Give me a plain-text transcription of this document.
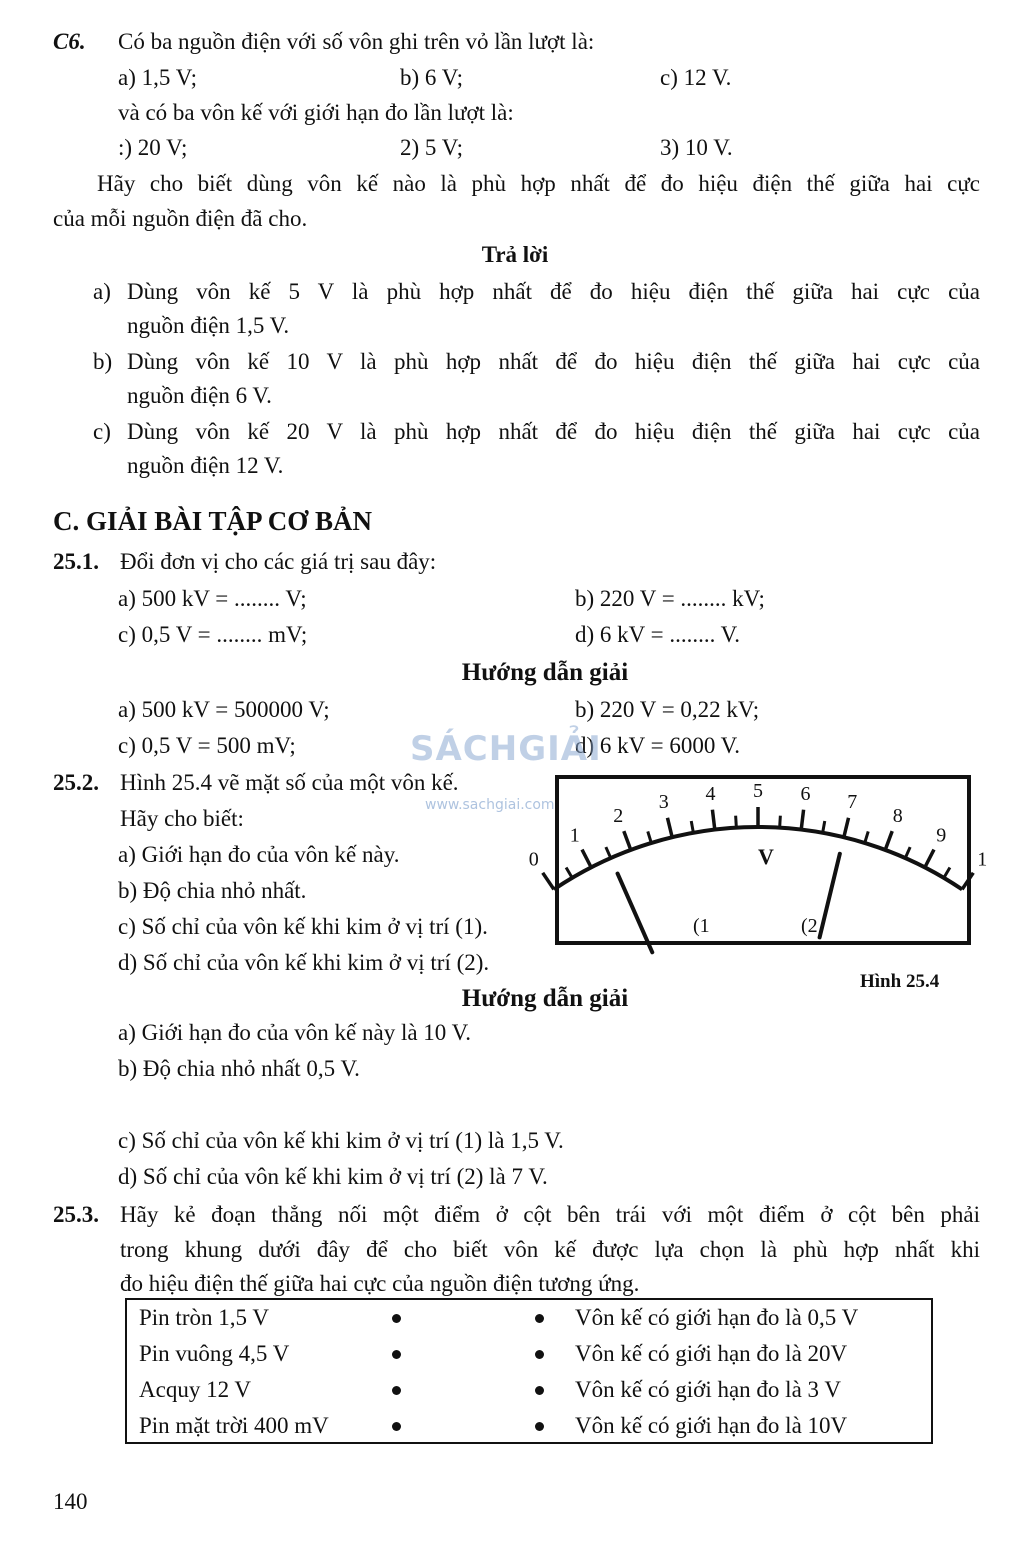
C6. Có ba nguồn điện với số vôn ghi trên vỏ lần lượt là:
a) 1,5 V;	b) 6 V;	c) 12 V.
và có ba vôn kế với giới hạn đo lần lượt là:
:) 20 V;	2) 5 V;	3) 10 V.
Hãy cho biết dùng vôn kế nào là phù hợp nhất để đo hiệu điện thế giữa hai cực
của mỗi nguồn điện đã cho.
Trả lời
a) Dùng vôn kế 5 V là phù hợp nhất để đo hiệu điện thế giữa hai cực của
nguồn điện 1,5 V.
b) Dùng vôn kế 10 V là phù hợp nhất để đo hiệu điện thế giữa hai cực của
nguồn điện 6 V.
c) Dùng vôn kế 20 V là phù hợp nhất để đo hiệu điện thế giữa hai cực của
nguồn điện 12 V.
C. GIẢI BÀI TẬP CƠ BẢN
25.1. Đổi đơn vị cho các giá trị sau đây:
a) 500 kV = ........ V;	b) 220 V = ........ kV;
c) 0,5 V = ........ mV;	d) 6 kV = ........ V.
Hướng dẫn giải
a) 500 kV = 500000 V;	b) 220 V = 0,22 kV;
c) 0,5 V = 500 mV;	d) 6 kV = 6000 V.
SÁCHGIẢI
www.sachgiai.com
25.2. Hình 25.4 vẽ mặt số của một vôn kế.
Hãy cho biết:
a) Giới hạn đo của vôn kế này.
b) Độ chia nhỏ nhất.
c) Số chỉ của vôn kế khi kim ở vị trí (1).
d) Số chỉ của vôn kế khi kim ở vị trí (2).
0
1
2
3 4 5 6 7
8
9
1
V
(1	(2
Hình 25.4
Hướng dẫn giải
a) Giới hạn đo của vôn kế này là 10 V.
b) Độ chia nhỏ nhất 0,5 V.
c) Số chỉ của vôn kế khi kim ở vị trí (1) là 1,5 V.
d) Số chỉ của vôn kế khi kim ở vị trí (2) là 7 V.
25.3. Hãy kẻ đoạn thẳng nối một điểm ở cột bên trái với một điểm ở cột bên phải
trong khung dưới đây để cho biết vôn kế được lựa chọn là phù hợp nhất khi
đo hiệu điện thế giữa hai cực của nguồn điện tương ứng.
Pin tròn 1,5 V	Vôn kế có giới hạn đo là 0,5 V
Pin vuông 4,5 V	Vôn kế có giới hạn đo là 20V
Acquy 12 V	Vôn kế có giới hạn đo là 3 V
Pin mặt trời 400 mV	Vôn kế có giới hạn đo là 10V
140
